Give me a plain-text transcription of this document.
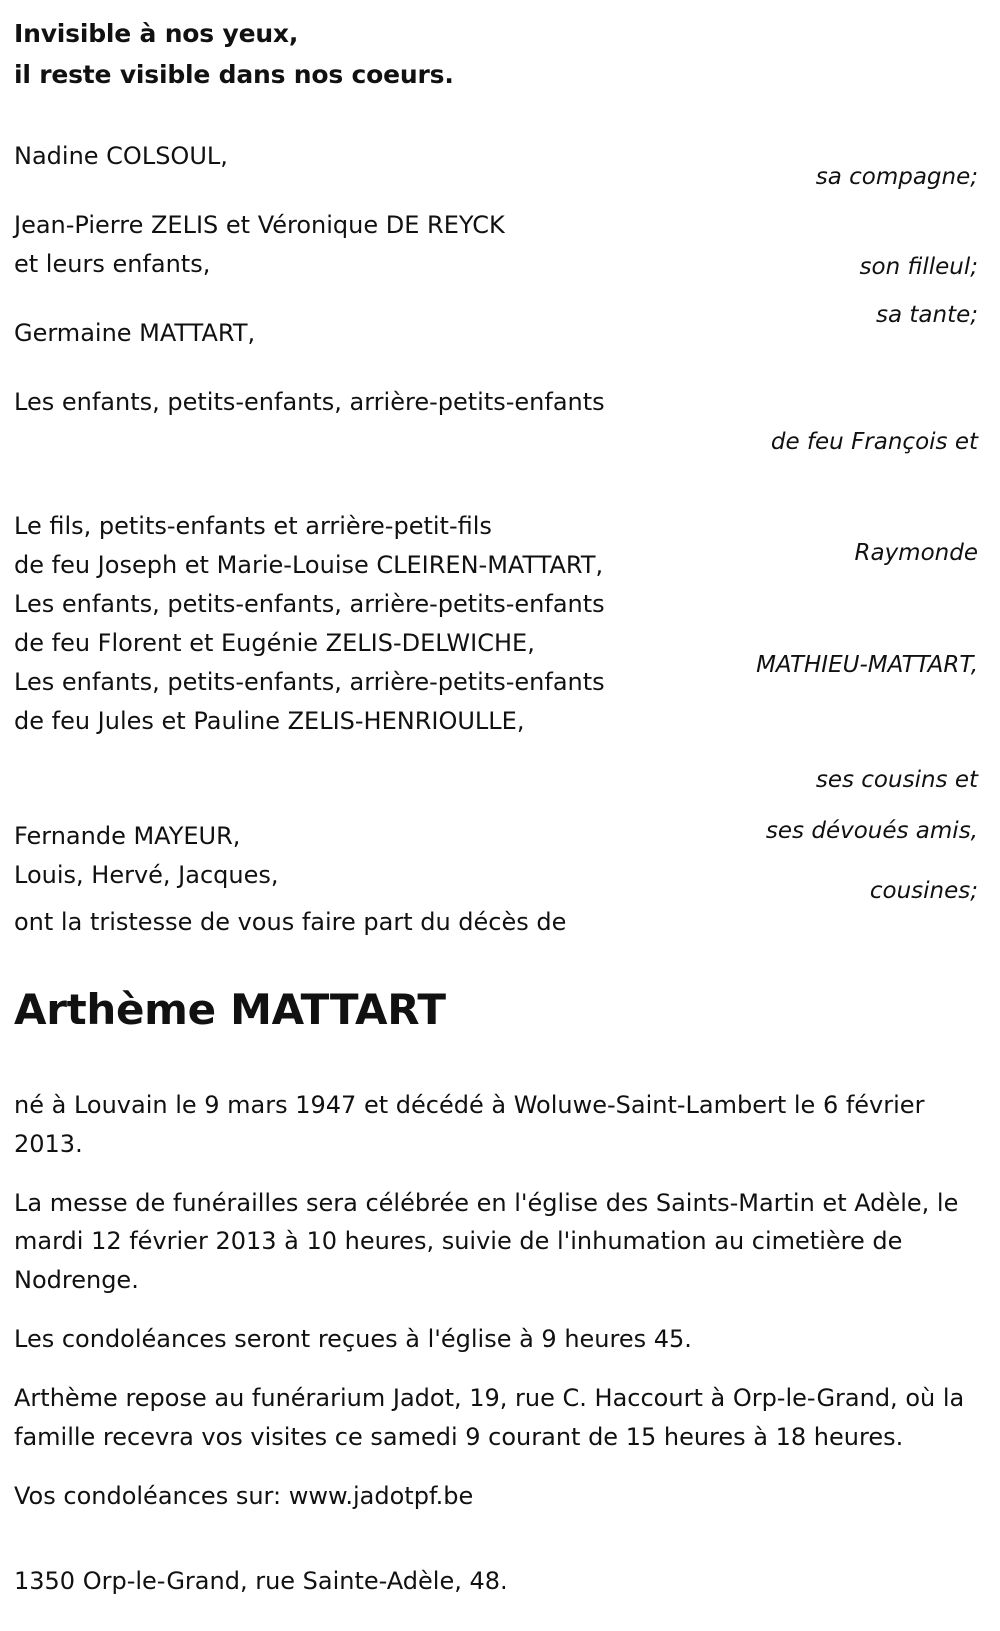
Invisible à nos yeux,
il reste visible dans nos coeurs.
Nadine COLSOUL,
Jean-Pierre ZELIS et Véronique DE REYCK
et leurs enfants,
Germaine MATTART,
Les enfants, petits-enfants, arrière-petits-enfants
Le fils, petits-enfants et arrière-petit-fils
de feu Joseph et Marie-Louise CLEIREN-MATTART,
Les enfants, petits-enfants, arrière-petits-enfants
de feu Florent et Eugénie ZELIS-DELWICHE,
Les enfants, petits-enfants, arrière-petits-enfants
de feu Jules et Pauline ZELIS-HENRIOULLE,
Fernande MAYEUR,
Louis, Hervé, Jacques,
sa compagne;
son filleul;
sa tante;

de feu François et

Raymonde

MATHIEU-MATTART,

ses cousins et

cousines;

ses dévoués amis,
ont la tristesse de vous faire part du décès de
Arthème MATTART

né à Louvain le 9 mars 1947 et décédé à Woluwe-Saint-Lambert le 6 février 2013.

La messe de funérailles sera célébrée en l'église des Saints-Martin et Adèle, le mardi 12 février 2013 à 10 heures, suivie de l'inhumation au cimetière de Nodrenge.

Les condoléances seront reçues à l'église à 9 heures 45.

Arthème repose au funérarium Jadot, 19, rue C. Haccourt à Orp-le-Grand, où la famille recevra vos visites ce samedi 9 courant de 15 heures à 18 heures.

Vos condoléances sur: www.jadotpf.be

1350 Orp-le-Grand, rue Sainte-Adèle, 48.
